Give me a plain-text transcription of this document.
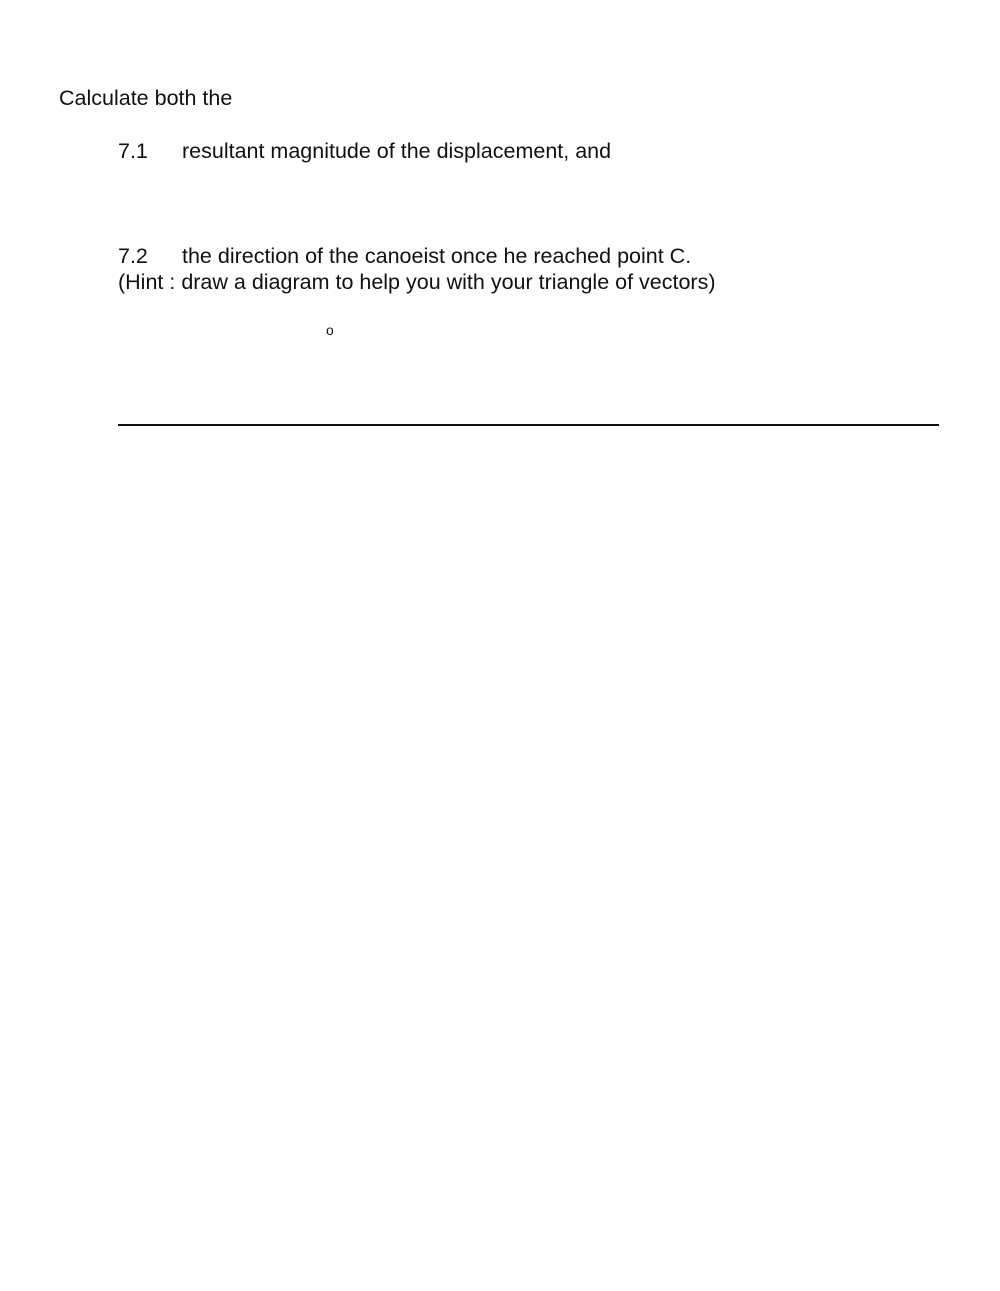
Calculate both the
7.1 resultant magnitude of the displacement, and
7.2 the direction of the canoeist once he reached point C.
(Hint : draw a diagram to help you with your triangle of vectors)
o
